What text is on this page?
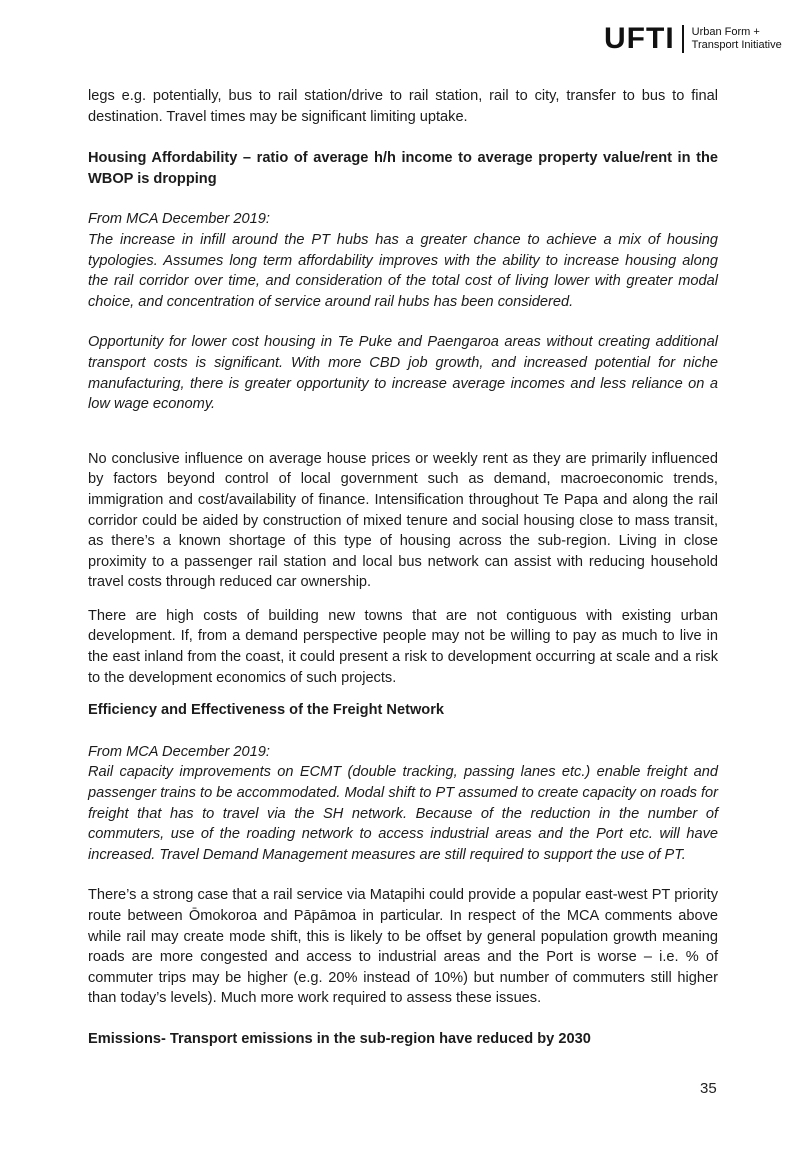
UFTI Urban Form +
Transport Initiative

legs e.g. potentially, bus to rail station/drive to rail station, rail to city, transfer to bus to final destination. Travel times may be significant limiting uptake.

Housing Affordability – ratio of average h/h income to average property value/rent in the WBOP is dropping

From MCA December 2019:

The increase in infill around the PT hubs has a greater chance to achieve a mix of housing typologies. Assumes long term affordability improves with the ability to increase housing along the rail corridor over time, and consideration of the total cost of living lower with greater modal choice, and concentration of service around rail hubs has been considered.

Opportunity for lower cost housing in Te Puke and Paengaroa areas without creating additional transport costs is significant. With more CBD job growth, and increased potential for niche manufacturing, there is greater opportunity to increase average incomes and less reliance on a low wage economy.

No conclusive influence on average house prices or weekly rent as they are primarily influenced by factors beyond control of local government such as demand, macroeconomic trends, immigration and cost/availability of finance. Intensification throughout Te Papa and along the rail corridor could be aided by construction of mixed tenure and social housing close to mass transit, as there’s a known shortage of this type of housing across the sub-region. Living in close proximity to a passenger rail station and local bus network can assist with reducing household travel costs through reduced car ownership.

There are high costs of building new towns that are not contiguous with existing urban development. If, from a demand perspective people may not be willing to pay as much to live in the east inland from the coast, it could present a risk to development occurring at scale and a risk to the development economics of such projects.

Efficiency and Effectiveness of the Freight Network

From MCA December 2019:

Rail capacity improvements on ECMT (double tracking, passing lanes etc.) enable freight and passenger trains to be accommodated. Modal shift to PT assumed to create capacity on roads for freight that has to travel via the SH network. Because of the reduction in the number of commuters, use of the roading network to access industrial areas and the Port etc. will have increased. Travel Demand Management measures are still required to support the use of PT.

There’s a strong case that a rail service via Matapihi could provide a popular east-west PT priority route between Ōmokoroa and Pāpāmoa in particular. In respect of the MCA comments above while rail may create mode shift, this is likely to be offset by general population growth meaning roads are more congested and access to industrial areas and the Port is worse – i.e. % of commuter trips may be higher (e.g. 20% instead of 10%) but number of commuters still higher than today’s levels). Much more work required to assess these issues.

Emissions- Transport emissions in the sub-region have reduced by 2030

35
